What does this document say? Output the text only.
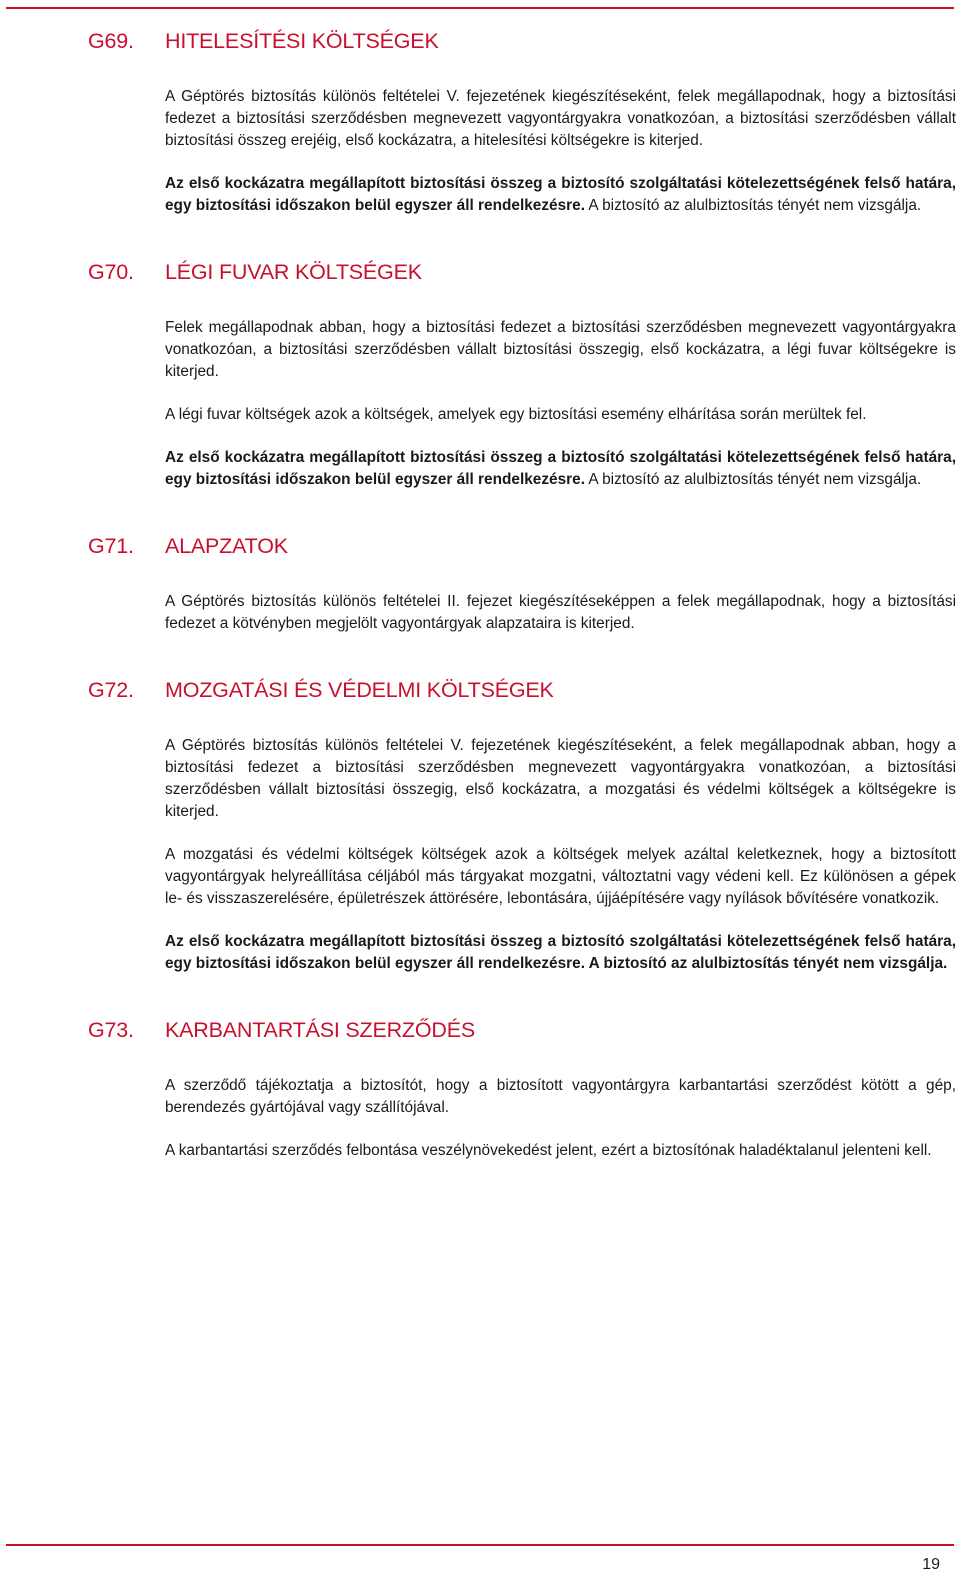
G69.	HITELESÍTÉSI KÖLTSÉGEK

A Géptörés biztosítás különös feltételei V. fejezetének kiegészítéseként, felek megállapodnak, hogy a biztosítási fedezet a biztosítási szerződésben megnevezett vagyontárgyakra vonatkozóan, a biztosítási szerződésben vállalt biztosítási összeg erejéig, első kockázatra, a hitelesítési költségekre is kiterjed.

Az első kockázatra megállapított biztosítási összeg a biztosító szolgáltatási kötelezettségének felső határa, egy biztosítási időszakon belül egyszer áll rendelkezésre. A biztosító az alulbiztosítás tényét nem vizsgálja.

G70.	LÉGI FUVAR KÖLTSÉGEK

Felek megállapodnak abban, hogy a biztosítási fedezet a biztosítási szerződésben megnevezett vagyontárgyakra vonatkozóan, a biztosítási szerződésben vállalt biztosítási összegig, első kockázatra, a légi fuvar költségekre is kiterjed.

A légi fuvar költségek azok a költségek, amelyek egy biztosítási esemény elhárítása során merültek fel.

Az első kockázatra megállapított biztosítási összeg a biztosító szolgáltatási kötelezettségének felső határa, egy biztosítási időszakon belül egyszer áll rendelkezésre. A biztosító az alulbiztosítás tényét nem vizsgálja.

G71.	ALAPZATOK

A Géptörés biztosítás különös feltételei II. fejezet kiegészítéseképpen a felek megállapodnak, hogy a biztosítási fedezet a kötvényben megjelölt vagyontárgyak alapzataira is kiterjed.

G72.	MOZGATÁSI ÉS VÉDELMI KÖLTSÉGEK

A Géptörés biztosítás különös feltételei V. fejezetének kiegészítéseként, a felek megállapodnak abban, hogy a biztosítási fedezet a biztosítási szerződésben megnevezett vagyontárgyakra vonatkozóan, a biztosítási szerződésben vállalt biztosítási összegig, első kockázatra, a mozgatási és védelmi költségek a költségekre is kiterjed.

A mozgatási és védelmi költségek költségek azok a költségek melyek azáltal keletkeznek, hogy a biztosított vagyontárgyak helyreállítása céljából más tárgyakat mozgatni, változtatni vagy védeni kell. Ez különösen a gépek le- és visszaszerelésére, épületrészek áttörésére, lebontására, újjáépítésére vagy nyílások bővítésére vonatkozik.

Az első kockázatra megállapított biztosítási összeg a biztosító szolgáltatási kötelezettségének felső határa, egy biztosítási időszakon belül egyszer áll rendelkezésre. A biztosító az alulbiztosítás tényét nem vizsgálja.

G73.	KARBANTARTÁSI SZERZŐDÉS

A szerződő tájékoztatja a biztosítót, hogy a biztosított vagyontárgyra karbantartási szerződést kötött a gép, berendezés gyártójával vagy szállítójával.

A karbantartási szerződés felbontása veszélynövekedést jelent, ezért a biztosítónak haladéktalanul jelenteni kell.

19
